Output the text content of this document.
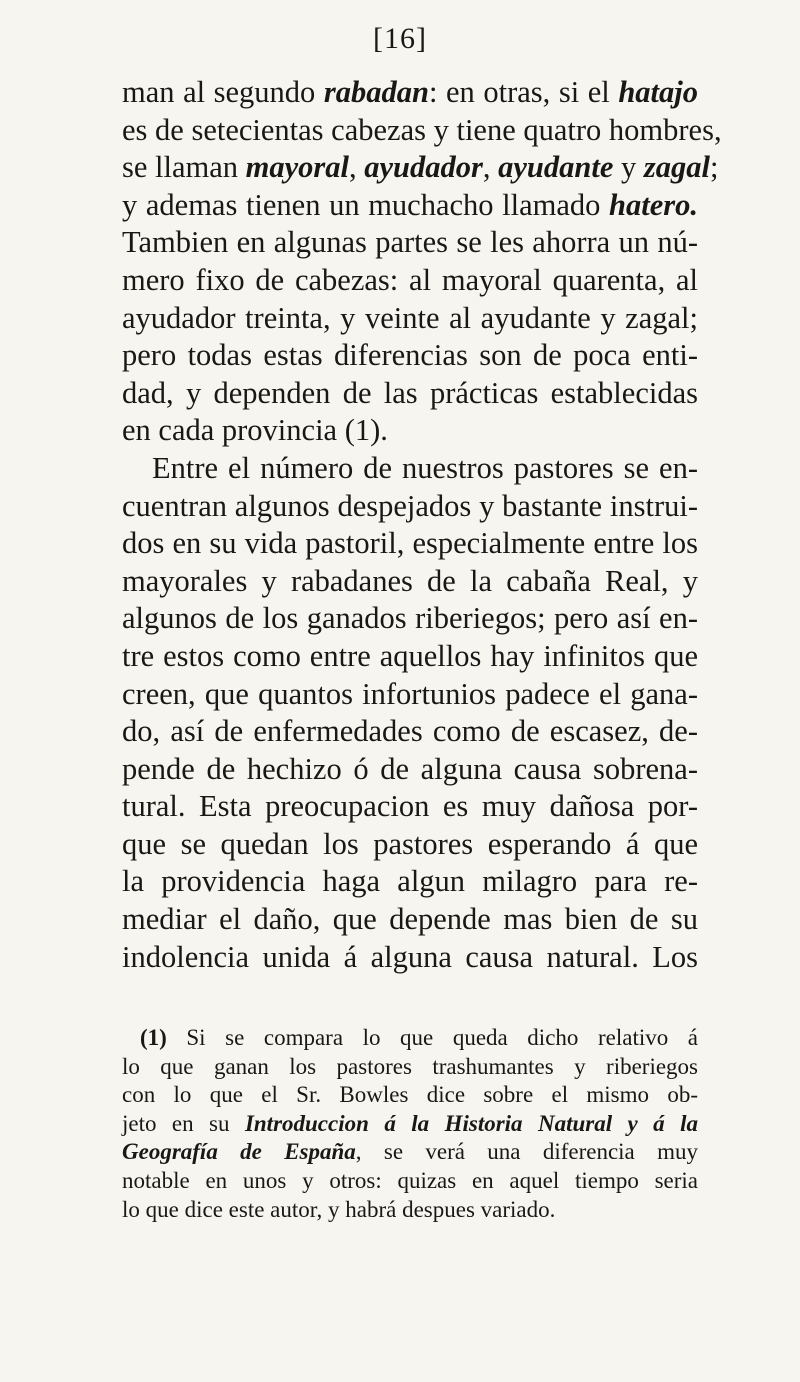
[16]
man al segundo rabadan: en otras, si el hatajo
es de setecientas cabezas y tiene quatro hombres,
se llaman mayoral, ayudador, ayudante y zagal;
y ademas tienen un muchacho llamado hatero.
Tambien en algunas partes se les ahorra un nú-
mero fixo de cabezas: al mayoral quarenta, al
ayudador treinta, y veinte al ayudante y zagal;
pero todas estas diferencias son de poca enti-
dad, y dependen de las prácticas establecidas
en cada provincia (1).
Entre el número de nuestros pastores se en-
cuentran algunos despejados y bastante instrui-
dos en su vida pastoril, especialmente entre los
mayorales y rabadanes de la cabaña Real, y
algunos de los ganados riberiegos; pero así en-
tre estos como entre aquellos hay infinitos que
creen, que quantos infortunios padece el gana-
do, así de enfermedades como de escasez, de-
pende de hechizo ó de alguna causa sobrena-
tural. Esta preocupacion es muy dañosa por-
que se quedan los pastores esperando á que
la providencia haga algun milagro para re-
mediar el daño, que depende mas bien de su
indolencia unida á alguna causa natural. Los
(1) Si se compara lo que queda dicho relativo á
lo que ganan los pastores trashumantes y riberiegos
con lo que el Sr. Bowles dice sobre el mismo ob-
jeto en su Introduccion á la Historia Natural y á la
Geografía de España, se verá una diferencia muy
notable en unos y otros: quizas en aquel tiempo seria
lo que dice este autor, y habrá despues variado.
